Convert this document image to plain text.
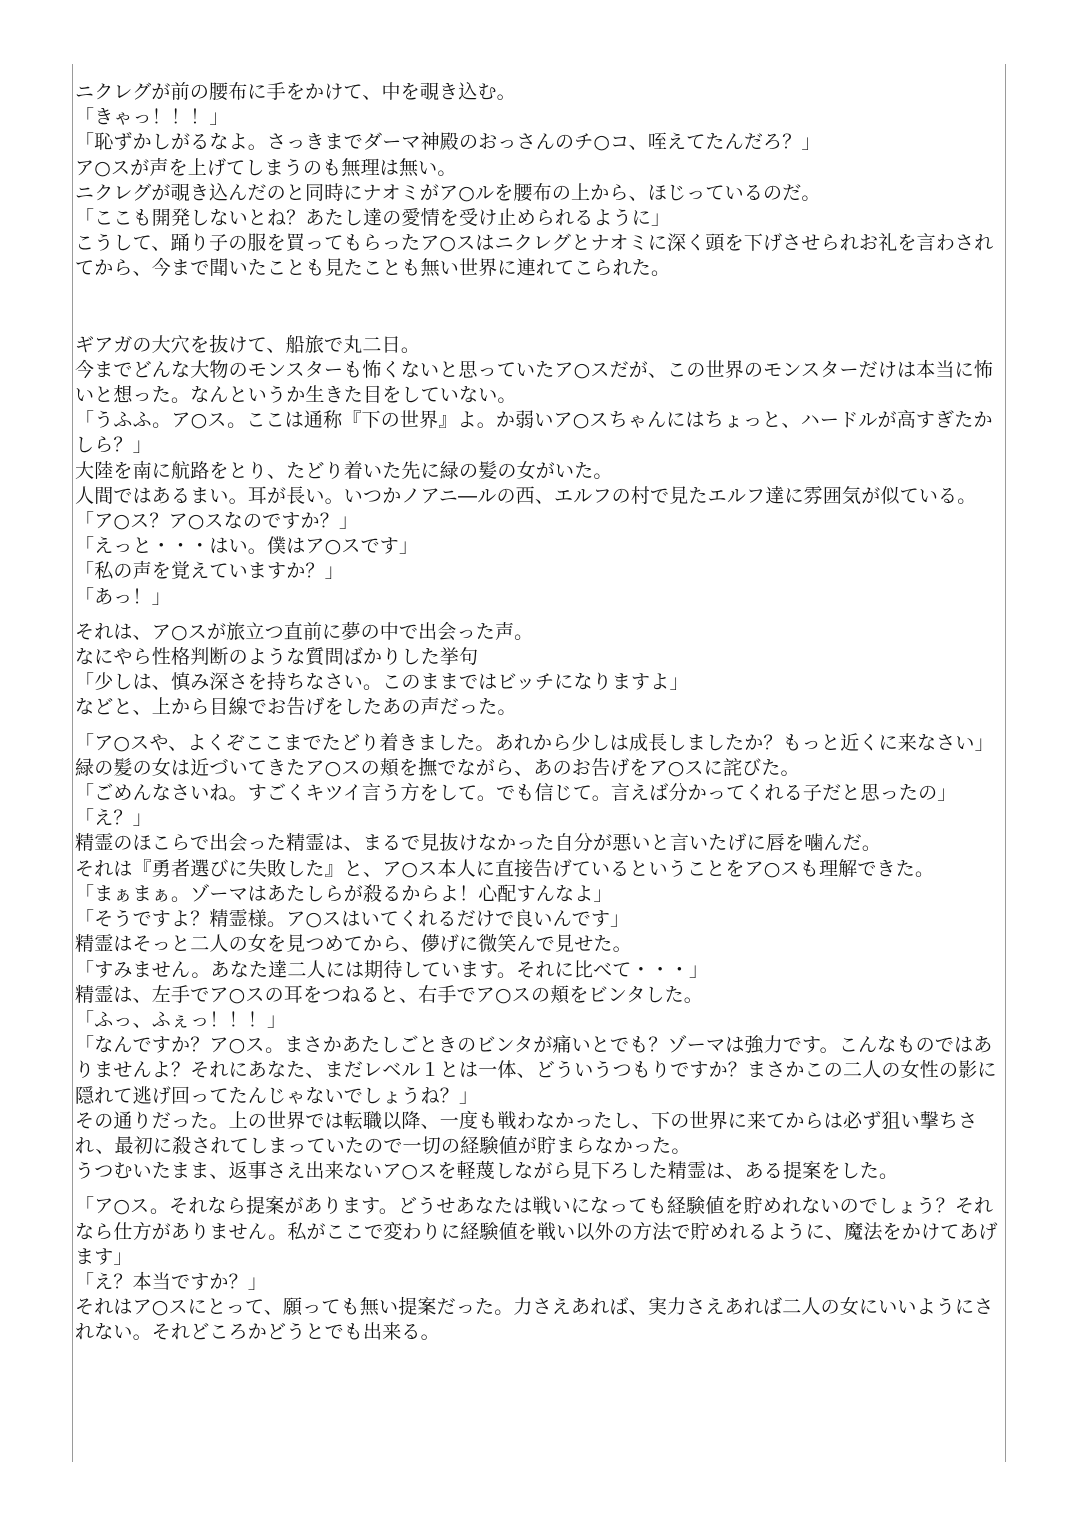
ニクレグが前の腰布に手をかけて、中を覗き込む。

「きゃっ！！！」

「恥ずかしがるなよ。さっきまでダーマ神殿のおっさんのチ○コ、咥えてたんだろ？」

ア○スが声を上げてしまうのも無理は無い。

ニクレグが覗き込んだのと同時にナオミがア○ルを腰布の上から、ほじっているのだ。

「ここも開発しないとね？あたし達の愛情を受け止められるように」

こうして、踊り子の服を買ってもらったア○スはニクレグとナオミに深く頭を下げさせられお礼を言わされてから、今まで聞いたことも見たことも無い世界に連れてこられた。

ギアガの大穴を抜けて、船旅で丸二日。

今までどんな大物のモンスターも怖くないと思っていたア○スだが、この世界のモンスターだけは本当に怖いと想った。なんというか生きた目をしていない。

「うふふ。ア○ス。ここは通称『下の世界』よ。か弱いア○スちゃんにはちょっと、ハードルが高すぎたかしら？」

大陸を南に航路をとり、たどり着いた先に緑の髪の女がいた。

人間ではあるまい。耳が長い。いつかノアニ―ルの西、エルフの村で見たエルフ達に雰囲気が似ている。

「ア○ス？ア○スなのですか？」

「えっと・・・はい。僕はア○スです」

「私の声を覚えていますか？」

「あっ！」

それは、ア○スが旅立つ直前に夢の中で出会った声。

なにやら性格判断のような質問ばかりした挙句

「少しは、慎み深さを持ちなさい。このままではビッチになりますよ」

などと、上から目線でお告げをしたあの声だった。

「ア○スや、よくぞここまでたどり着きました。あれから少しは成長しましたか？もっと近くに来なさい」

緑の髪の女は近づいてきたア○スの頬を撫でながら、あのお告げをア○スに詫びた。

「ごめんなさいね。すごくキツイ言う方をして。でも信じて。言えば分かってくれる子だと思ったの」

「え？」

精霊のほこらで出会った精霊は、まるで見抜けなかった自分が悪いと言いたげに唇を噛んだ。

それは『勇者選びに失敗した』と、ア○ス本人に直接告げているということをア○スも理解できた。

「まぁまぁ。ゾーマはあたしらが殺るからよ！心配すんなよ」

「そうですよ？精霊様。ア○スはいてくれるだけで良いんです」

精霊はそっと二人の女を見つめてから、儚げに微笑んで見せた。

「すみません。あなた達二人には期待しています。それに比べて・・・」

精霊は、左手でア○スの耳をつねると、右手でア○スの頬をビンタした。

「ふっ、ふぇっ！！！」

「なんですか？ア○ス。まさかあたしごときのビンタが痛いとでも？ゾーマは強力です。こんなものではありませんよ？それにあなた、まだレベル１とは一体、どういうつもりですか？まさかこの二人の女性の影に隠れて逃げ回ってたんじゃないでしょうね？」

その通りだった。上の世界では転職以降、一度も戦わなかったし、下の世界に来てからは必ず狙い撃ちされ、最初に殺されてしまっていたので一切の経験値が貯まらなかった。

うつむいたまま、返事さえ出来ないア○スを軽蔑しながら見下ろした精霊は、ある提案をした。

「ア○ス。それなら提案があります。どうせあなたは戦いになっても経験値を貯めれないのでしょう？それなら仕方がありません。私がここで変わりに経験値を戦い以外の方法で貯めれるように、魔法をかけてあげます」

「え？本当ですか？」

それはア○スにとって、願っても無い提案だった。力さえあれば、実力さえあれば二人の女にいいようにされない。それどころかどうとでも出来る。
